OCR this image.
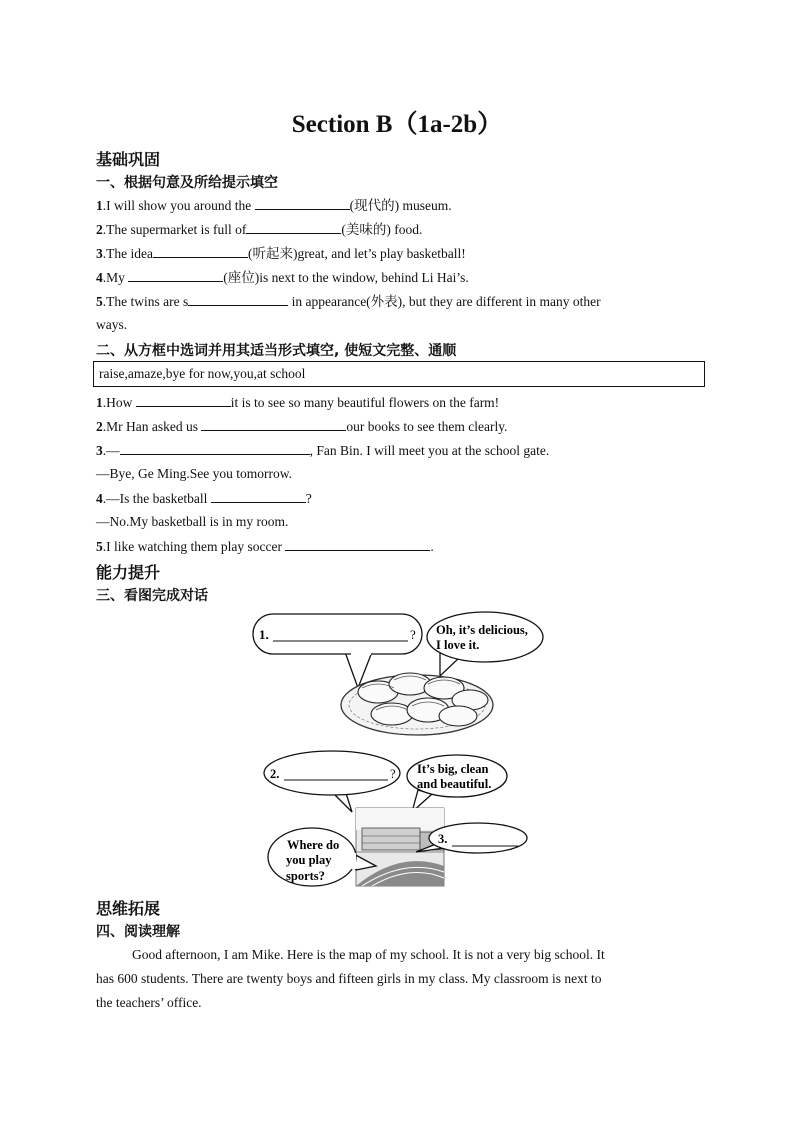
Section B（1a-2b）
基础巩固
一、根据句意及所给提示填空
1.I will show you around the	(现代的) museum.
2.The supermarket is full of	(美味的) food.
3.The idea	(听起来)great, and let’s play basketball!
4.My	(座位)is next to the window, behind Li Hai’s.
5.The twins are s	in appearance(外表), but they are different in many other
ways.
二、从方框中选词并用其适当形式填空, 使短文完整、通顺
raise,amaze,bye for now,you,at school
1.How	it is to see so many beautiful flowers on the farm!
2.Mr Han asked us	our books to see them clearly.
3.—	, Fan Bin. I will meet you at the school gate.
—Bye, Ge Ming.See you tomorrow.
4.—Is the basketball	?
—No.My basketball is in my room.
5.I like watching them play soccer	.
能力提升
三、看图完成对话
1.	? Oh, it’s delicious,
I love it.
2.	? It’s big, clean
and beautiful.
Where do
you play
sports?
3.
思维拓展
四、阅读理解
Good afternoon, I am Mike. Here is the map of my school. It is not a very big school. It
has 600 students. There are twenty boys and fifteen girls in my class. My classroom is next to
the teachers’ office.
